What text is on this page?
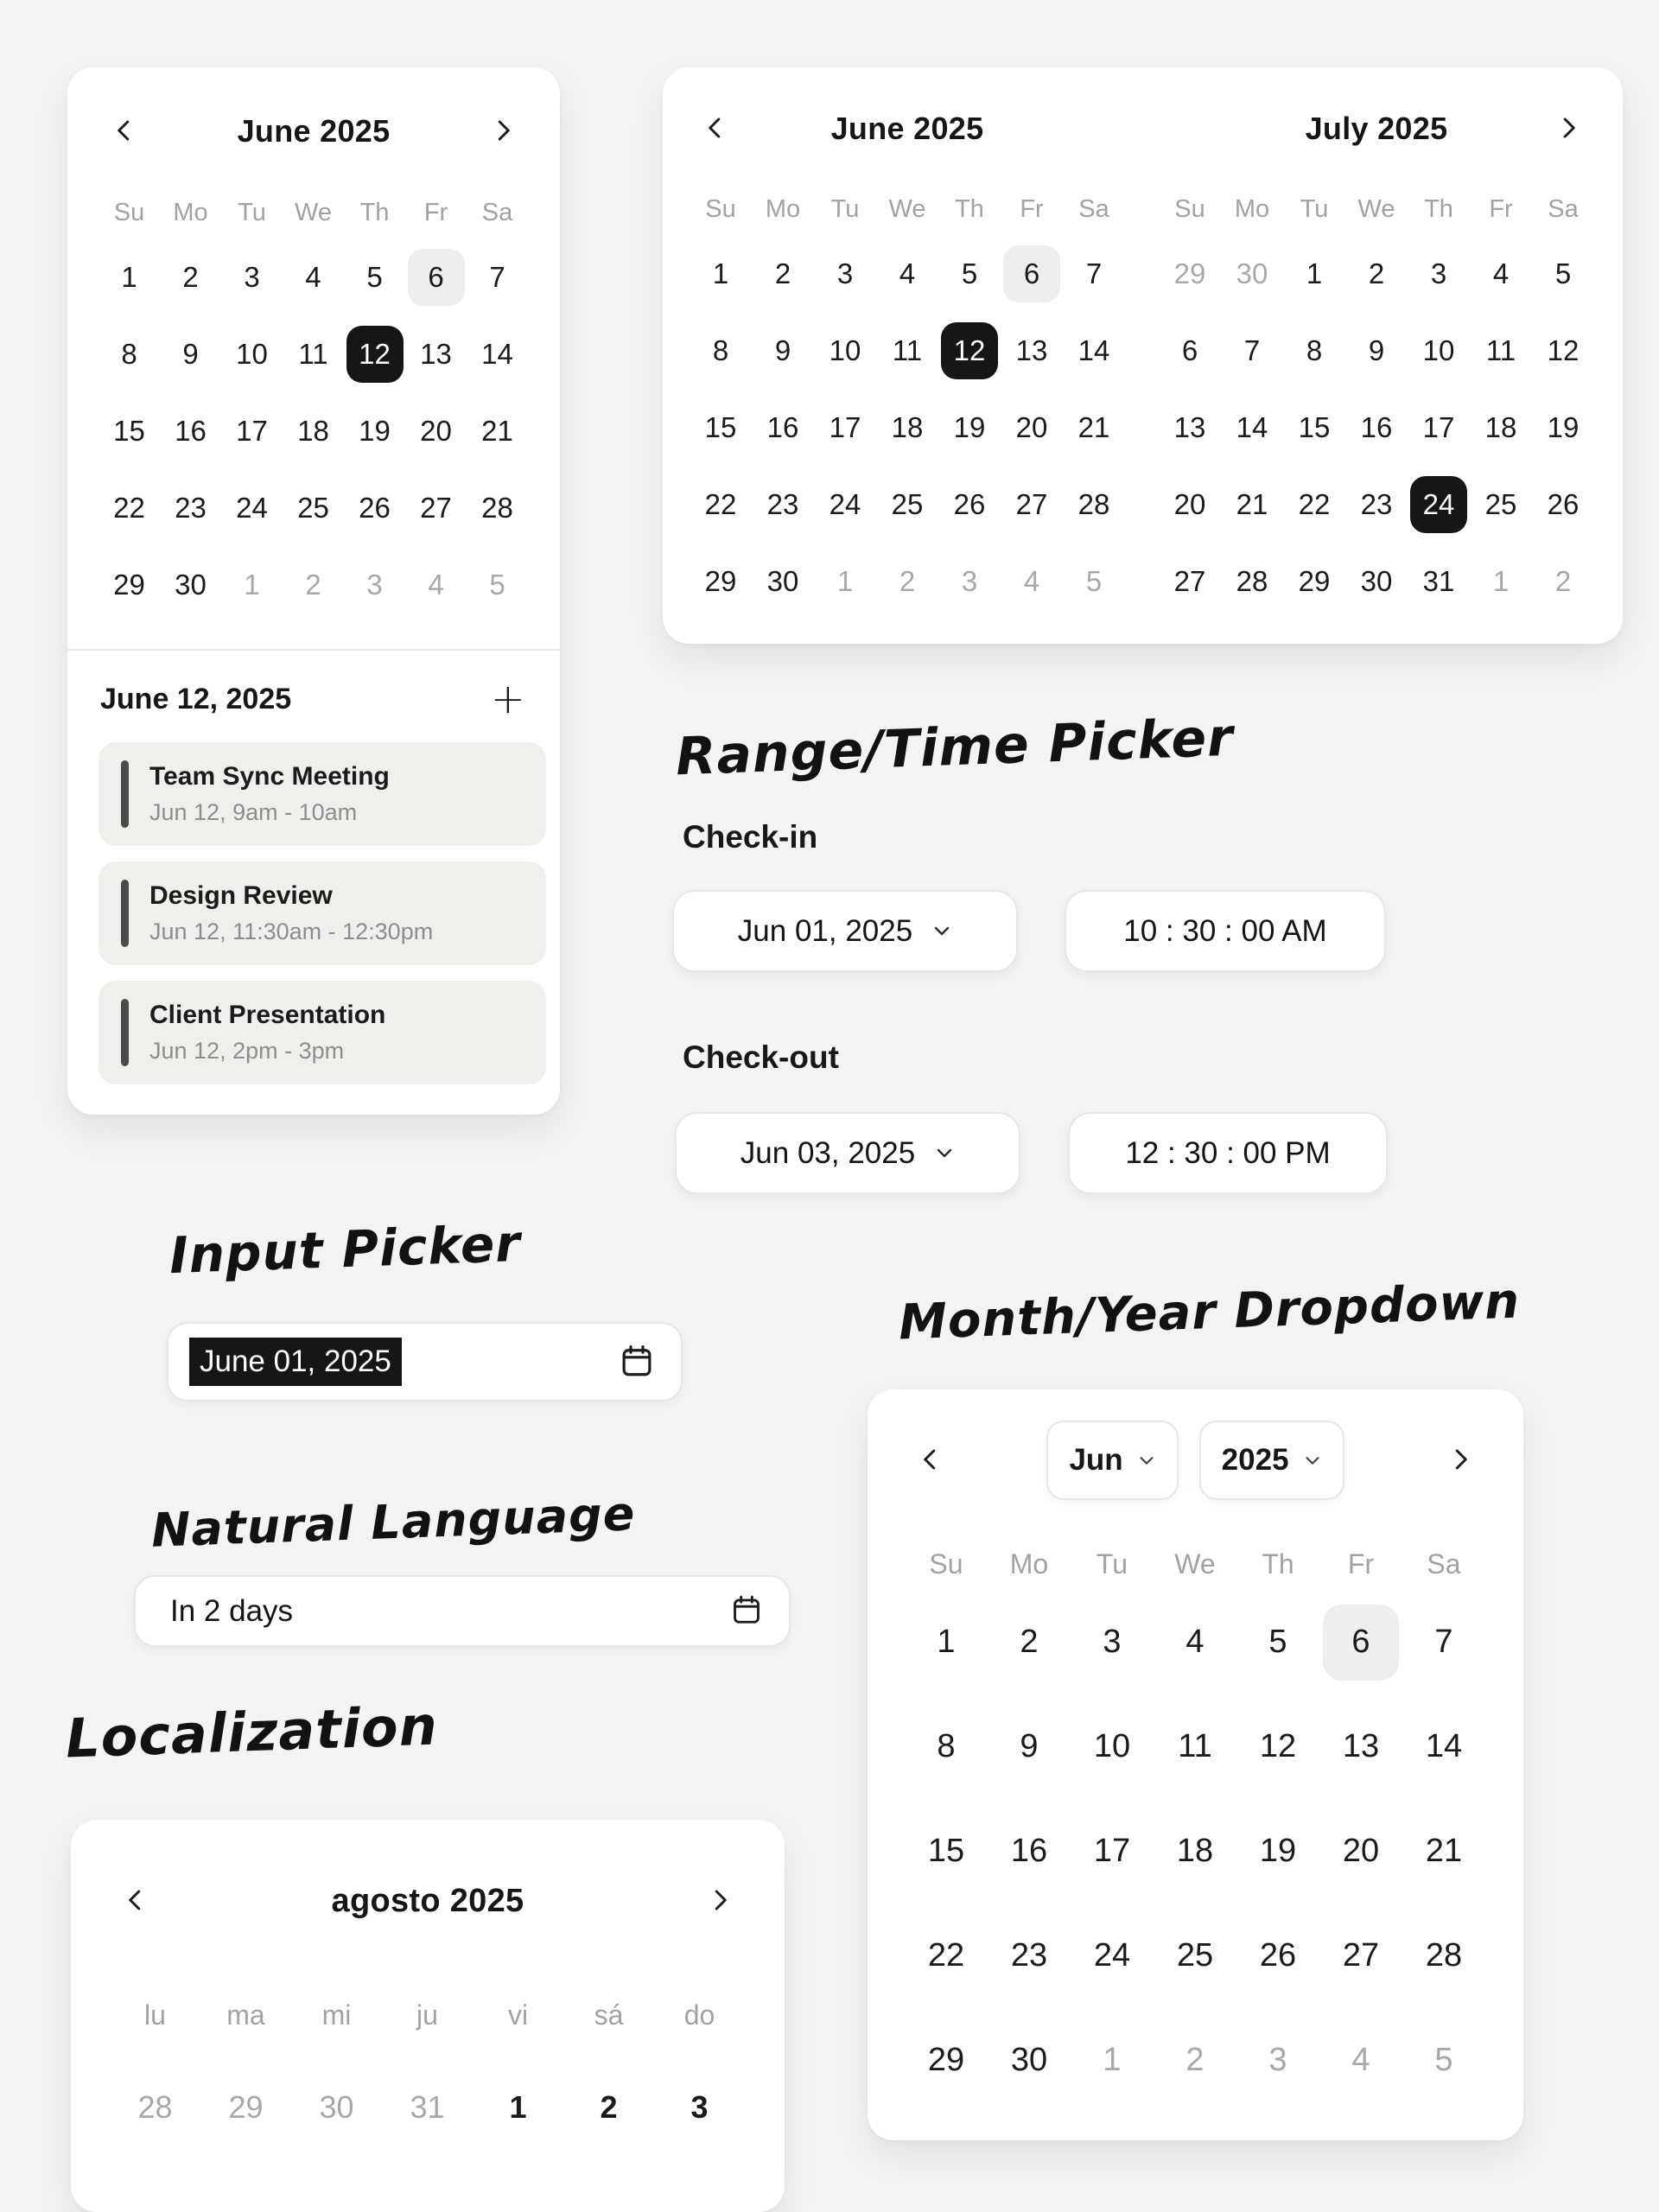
June 2025
Su Mo Tu We Th Fr Sa
1	2	3	4	5	6	7
8	9	10	11	12	13	14
15	16	17	18	19	20	21
22	23	24	25	26	27	28
29	30	1	2	3	4	5
June 12, 2025	+
Team Sync Meeting
Jun 12, 9am - 10am
Design Review
Jun 12, 11:30am - 12:30pm
Client Presentation
Jun 12, 2pm - 3pm
June 2025
Su Mo Tu We Th Fr Sa
1	2	3	4	5	6	7
8	9	10	11	12	13	14
15	16	17	18	19	20	21
22	23	24	25	26	27	28
29	30	1	2	3	4	5
July 2025
Su Mo Tu We Th Fr Sa
29	30	1	2	3	4	5
6	7	8	9	10	11	12
13	14	15	16	17	18	19
20	21	22	23	24	25	26
27	28	29	30	31	1	2
Range/Time Picker
Check-in
Jun 01, 2025	10 : 30 : 00 AM
Check-out
Jun 03, 2025	12 : 30 : 00 PM
Input Picker
June 01, 2025
Natural Language
In 2 days
Localization
agosto 2025
lu ma mi ju	vi sá do
28	29	30	31	1	2	3
Month/Year Dropdown
Jun	2025
Su Mo Tu We Th Fr Sa
1	2	3	4	5	6	7
8	9	10	11	12	13	14
15	16	17	18	19	20	21
22	23	24	25	26	27	28
29	30	1	2	3	4	5
